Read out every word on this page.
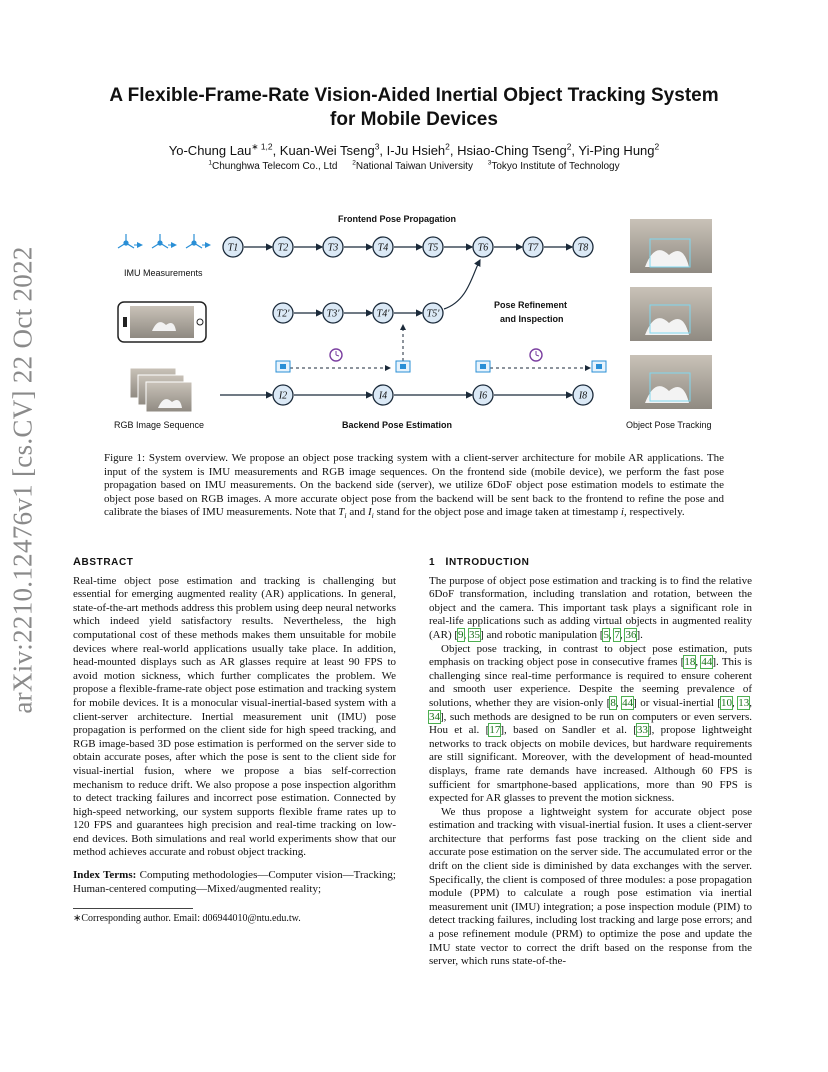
arXiv:2210.12476v1 [cs.CV] 22 Oct 2022
A Flexible-Frame-Rate Vision-Aided Inertial Object Tracking System
for Mobile Devices
Yo-Chung Lau$^{∗ 1,2}$, Kuan-Wei Tseng$^3$, I-Ju Hsieh$^2$, Hsiao-Ching Tseng$^2$, Yi-Ping Hung$^2$
$^1$Chunghwa Telecom Co., Ltd $^2$National Taiwan University $^3$Tokyo Institute of Technology
T1	T2	T3	T4	T5	T6	T7	T8
T2'	T3'	T4'	T5'
I2	I4	I6	I8
Frontend Pose Propagation
IMU Measurements
Pose Refinement
and Inspection
RGB Image Sequence	Backend Pose Estimation	Object Pose Tracking
Figure 1: System overview. We propose an object pose tracking system with a client-server architecture for mobile AR applications. The input of the system is IMU measurements and RGB image sequences. On the frontend side (mobile device), we perform the fast pose propagation based on IMU measurements. On the backend side (server), we utilize 6DoF object pose estimation models to estimate the object pose based on RGB images. A more accurate object pose from the backend will be sent back to the frontend to refine the pose and calibrate the biases of IMU measurements. Note that $T_i$ and $I_i$ stand for the object pose and image taken at timestamp i, respectively.
ABSTRACT

Real-time object pose estimation and tracking is challenging but essential for emerging augmented reality (AR) applications. In general, state-of-the-art methods address this problem using deep neural networks which indeed yield satisfactory results. Nevertheless, the high computational cost of these methods makes them unsuitable for mobile devices where real-world applications usually take place. In addition, head-mounted displays such as AR glasses require at least 90 FPS to avoid motion sickness, which further complicates the problem. We propose a flexible-frame-rate object pose estimation and tracking system for mobile devices. It is a monocular visual-inertial-based system with a client-server architecture. Inertial measurement unit (IMU) pose propagation is performed on the client side for high speed tracking, and RGB image-based 3D pose estimation is performed on the server side to obtain accurate poses, after which the pose is sent to the client side for visual-inertial fusion, where we propose a bias self-correction mechanism to reduce drift. We also propose a pose inspection algorithm to detect tracking failures and incorrect pose estimation. Connected by high-speed networking, our system supports flexible frame rates up to 120 FPS and guarantees high precision and real-time tracking on low-end devices. Both simulations and real world experiments show that our method achieves accurate and robust object tracking.

Index Terms: Computing methodologies—Computer vision—Tracking; Human-centered computing—Mixed/augmented reality;

∗Corresponding author. Email: d06944010@ntu.edu.tw.
1 INTRODUCTION

The purpose of object pose estimation and tracking is to find the relative 6DoF transformation, including translation and rotation, between the object and the camera. This important task plays a significant role in real-life applications such as adding virtual objects in augmented reality (AR) [9, 35] and robotic manipulation [5, 7, 36].

Object pose tracking, in contrast to object pose estimation, puts emphasis on tracking object pose in consecutive frames [18, 44]. This is challenging since real-time performance is required to ensure coherent and smooth user experience. Despite the seeming prevalence of solutions, whether they are vision-only [8, 44] or visual-inertial [10, 13, 34], such methods are designed to be run on computers or even servers. Hou et al. [17], based on Sandler et al. [33], propose lightweight networks to track objects on mobile devices, but hardware requirements are still significant. Moreover, with the development of head-mounted displays, frame rate demands have increased. Although 60 FPS is sufficient for smartphone-based applications, more than 90 FPS is expected for AR glasses to prevent the motion sickness.

We thus propose a lightweight system for accurate object pose estimation and tracking with visual-inertial fusion. It uses a client-server architecture that performs fast pose tracking on the client side and accurate pose estimation on the server side. The accumulated error or the drift on the client side is diminished by data exchanges with the server. Specifically, the client is composed of three modules: a pose propagation module (PPM) to calculate a rough pose estimation via inertial measurement unit (IMU) integration; a pose inspection module (PIM) to detect tracking failures, including lost tracking and large pose errors; and a pose refinement module (PRM) to optimize the pose and update the IMU state vector to correct the drift based on the response from the server, which runs state-of-the-
